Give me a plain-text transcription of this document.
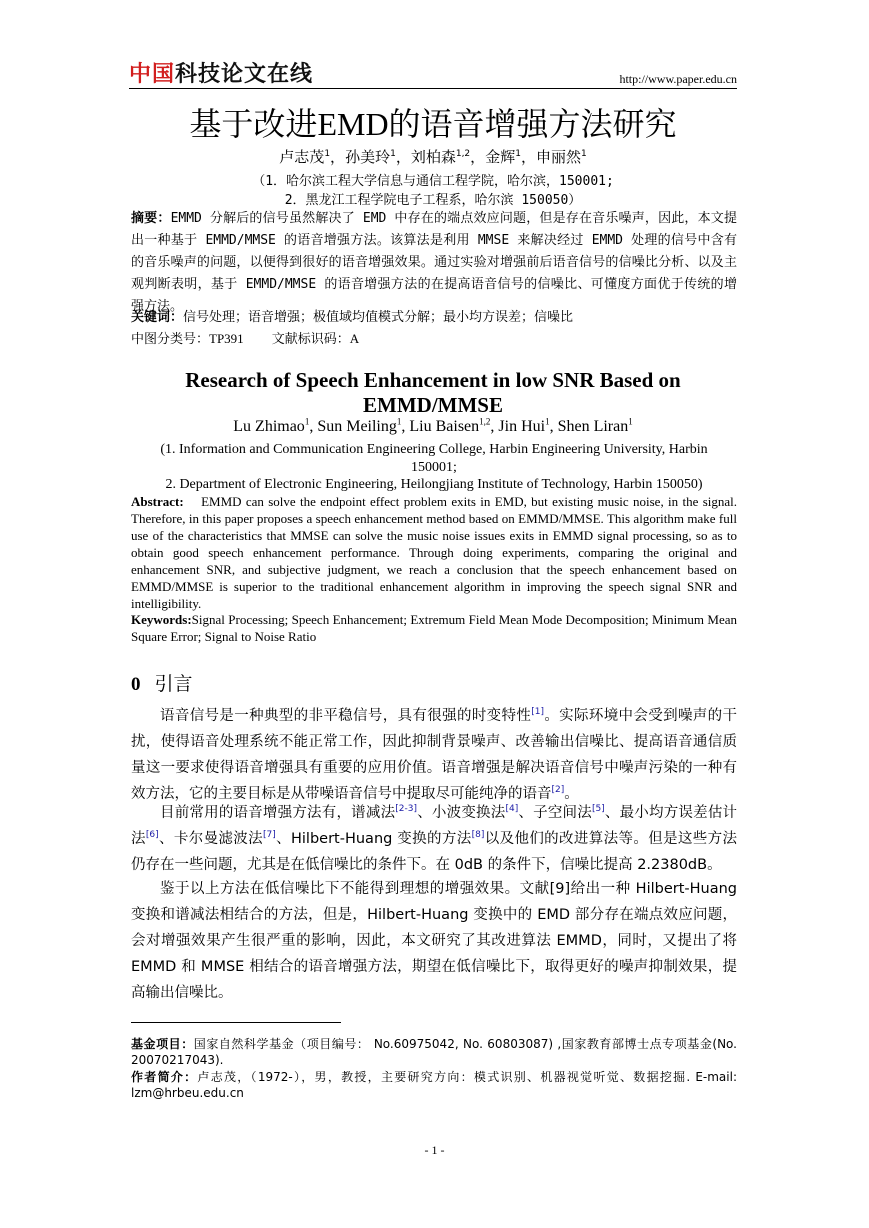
中国科技论文在线	http://www.paper.edu.cn
基于改进EMD的语音增强方法研究
卢志茂$^1$，孙美玲$^1$，刘柏森$^{1,2}$，金辉$^1$，申丽然$^1$
（1．哈尔滨工程大学信息与通信工程学院，哈尔滨，150001;
2．黑龙江工程学院电子工程系，哈尔滨 150050）
摘要：EMMD 分解后的信号虽然解决了 EMD 中存在的端点效应问题，但是存在音乐噪声，因此，本文提出一种基于 EMMD/MMSE 的语音增强方法。该算法是利用 MMSE 来解决经过 EMMD 处理的信号中含有的音乐噪声的问题，以便得到很好的语音增强效果。通过实验对增强前后语音信号的信噪比分析、以及主观判断表明，基于 EMMD/MMSE 的语音增强方法的在提高语音信号的信噪比、可懂度方面优于传统的增强方法。
关键词：信号处理；语音增强；极值域均值模式分解；最小均方误差；信噪比
中图分类号：TP391 文献标识码：A
Research of Speech Enhancement in low SNR Based on EMMD/MMSE
Lu Zhimao$^1$, Sun Meiling$^1$, Liu Baisen$^{1,2}$, Jin Hui$^1$, Shen Liran$^1$
(1. Information and Communication Engineering College, Harbin Engineering University, Harbin 150001;
2. Department of Electronic Engineering, Heilongjiang Institute of Technology, Harbin 150050)
Abstract: EMMD can solve the endpoint effect problem exits in EMD, but existing music noise, in the signal. Therefore, in this paper proposes a speech enhancement method based on EMMD/MMSE. This algorithm make full use of the characteristics that MMSE can solve the music noise issues exits in EMMD signal processing, so as to obtain good speech enhancement performance. Through doing experiments, comparing the original and enhancement SNR, and subjective judgment, we reach a conclusion that the speech enhancement based on EMMD/MMSE is superior to the traditional enhancement algorithm in improving the speech signal SNR and intelligibility.
Keywords:Signal Processing; Speech Enhancement; Extremum Field Mean Mode Decomposition; Minimum Mean Square Error; Signal to Noise Ratio
0 引言
语音信号是一种典型的非平稳信号，具有很强的时变特性[1]。实际环境中会受到噪声的干扰，使得语音处理系统不能正常工作，因此抑制背景噪声、改善输出信噪比、提高语音通信质量这一要求使得语音增强具有重要的应用价值。语音增强是解决语音信号中噪声污染的一种有效方法，它的主要目标是从带噪语音信号中提取尽可能纯净的语音[2]。
目前常用的语音增强方法有，谱减法[2-3]、小波变换法[4]、子空间法[5]、最小均方误差估计法[6]、卡尔曼滤波法[7]、Hilbert-Huang 变换的方法[8]以及他们的改进算法等。但是这些方法仍存在一些问题，尤其是在低信噪比的条件下。在 0dB 的条件下，信噪比提高 2.2380dB。
鉴于以上方法在低信噪比下不能得到理想的增强效果。文献[9]给出一种 Hilbert-Huang 变换和谱减法相结合的方法，但是，Hilbert-Huang 变换中的 EMD 部分存在端点效应问题，会对增强效果产生很严重的影响，因此，本文研究了其改进算法 EMMD，同时，又提出了将 EMMD 和 MMSE 相结合的语音增强方法，期望在低信噪比下，取得更好的噪声抑制效果，提高输出信噪比。
基金项目：国家自然科学基金（项目编号： No.60975042, No. 60803087) ,国家教育部博士点专项基金(No. 20070217043).
作者简介：卢志茂，（1972-），男，教授，主要研究方向：模式识别、机器视觉听觉、数据挖掘. E-mail: lzm@hrbeu.edu.cn
- 1 -
